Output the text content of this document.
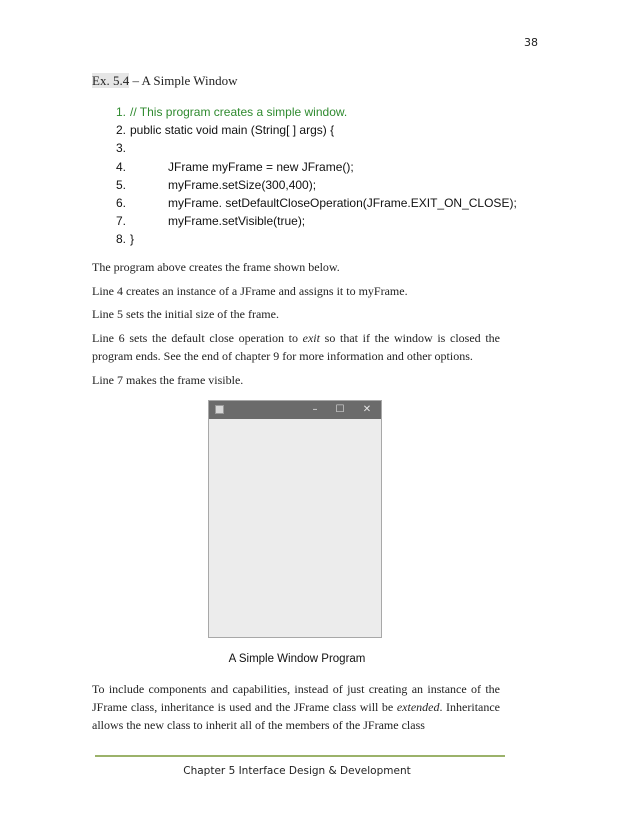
38
Ex. 5.4 – A Simple Window
1. // This program creates a simple window.
2. public static void main (String[ ] args) {
3.
4.	JFrame myFrame = new JFrame();
5.	myFrame.setSize(300,400);
6.	myFrame. setDefaultCloseOperation(JFrame.EXIT_ON_CLOSE);
7.	myFrame.setVisible(true);
8. }
The program above creates the frame shown below.
Line 4 creates an instance of a JFrame and assigns it to myFrame.
Line 5 sets the initial size of the frame.
Line 6 sets the default close operation to exit so that if the window is closed the program ends. See the end of chapter 9 for more information and other options.
Line 7 makes the frame visible.
–	☐	✕
A Simple Window Program
To include components and capabilities, instead of just creating an instance of the JFrame class, inheritance is used and the JFrame class will be extended. Inheritance allows the new class to inherit all of the members of the JFrame class
Chapter 5 Interface Design & Development
